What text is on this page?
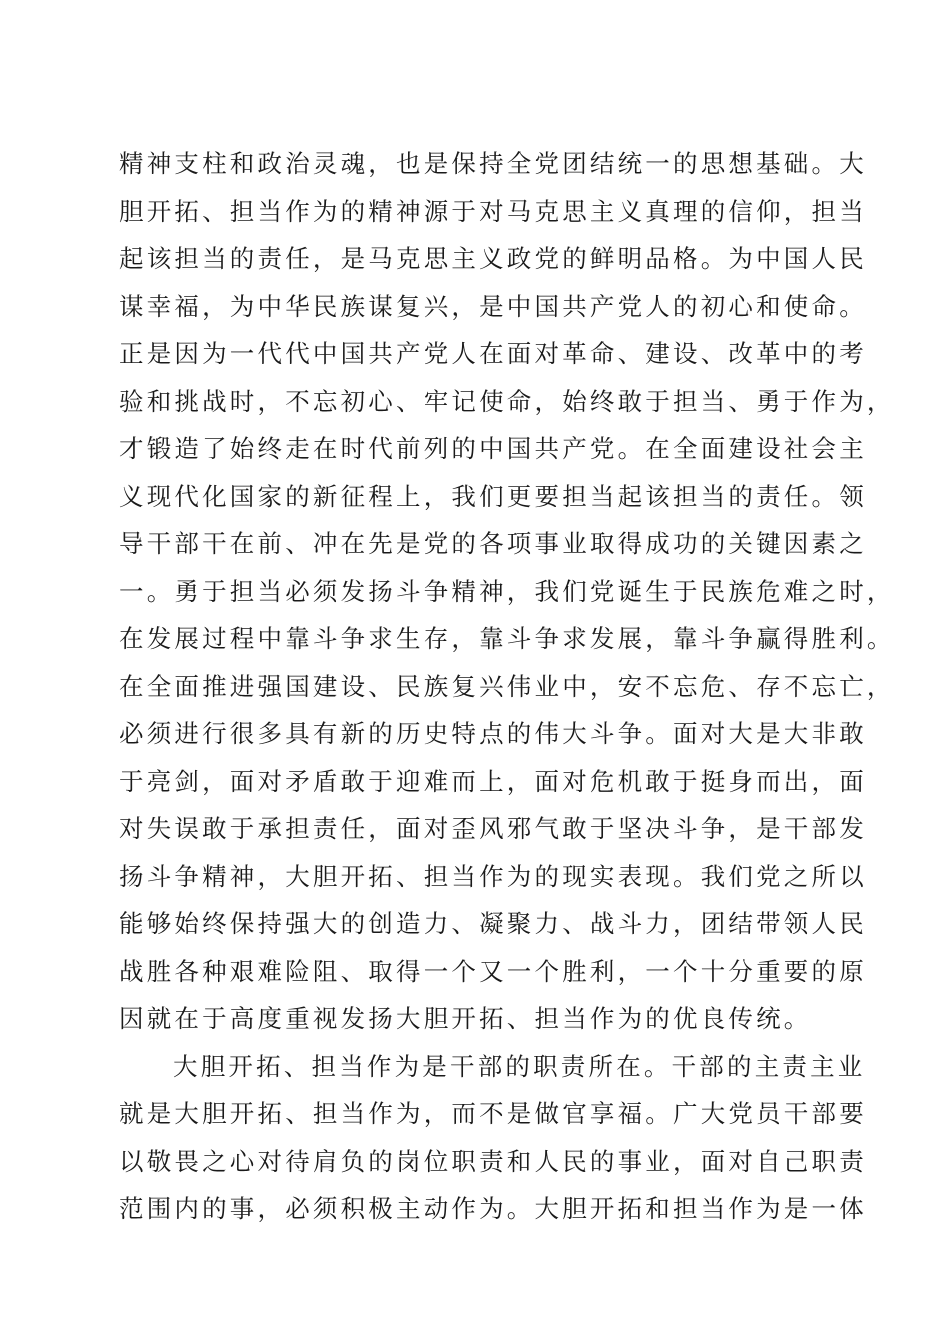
精神支柱和政治灵魂，也是保持全党团结统一的思想基础。大
胆开拓、担当作为的精神源于对马克思主义真理的信仰，担当
起该担当的责任，是马克思主义政党的鲜明品格。为中国人民
谋幸福，为中华民族谋复兴，是中国共产党人的初心和使命。
正是因为一代代中国共产党人在面对革命、建设、改革中的考
验和挑战时，不忘初心、牢记使命，始终敢于担当、勇于作为，
才锻造了始终走在时代前列的中国共产党。在全面建设社会主
义现代化国家的新征程上，我们更要担当起该担当的责任。领
导干部干在前、冲在先是党的各项事业取得成功的关键因素之
一。勇于担当必须发扬斗争精神，我们党诞生于民族危难之时，
在发展过程中靠斗争求生存，靠斗争求发展，靠斗争赢得胜利。
在全面推进强国建设、民族复兴伟业中，安不忘危、存不忘亡，
必须进行很多具有新的历史特点的伟大斗争。面对大是大非敢
于亮剑，面对矛盾敢于迎难而上，面对危机敢于挺身而出，面
对失误敢于承担责任，面对歪风邪气敢于坚决斗争，是干部发
扬斗争精神，大胆开拓、担当作为的现实表现。我们党之所以
能够始终保持强大的创造力、凝聚力、战斗力，团结带领人民
战胜各种艰难险阻、取得一个又一个胜利，一个十分重要的原
因就在于高度重视发扬大胆开拓、担当作为的优良传统。
大胆开拓、担当作为是干部的职责所在。干部的主责主业
就是大胆开拓、担当作为，而不是做官享福。广大党员干部要
以敬畏之心对待肩负的岗位职责和人民的事业，面对自己职责
范围内的事，必须积极主动作为。大胆开拓和担当作为是一体
